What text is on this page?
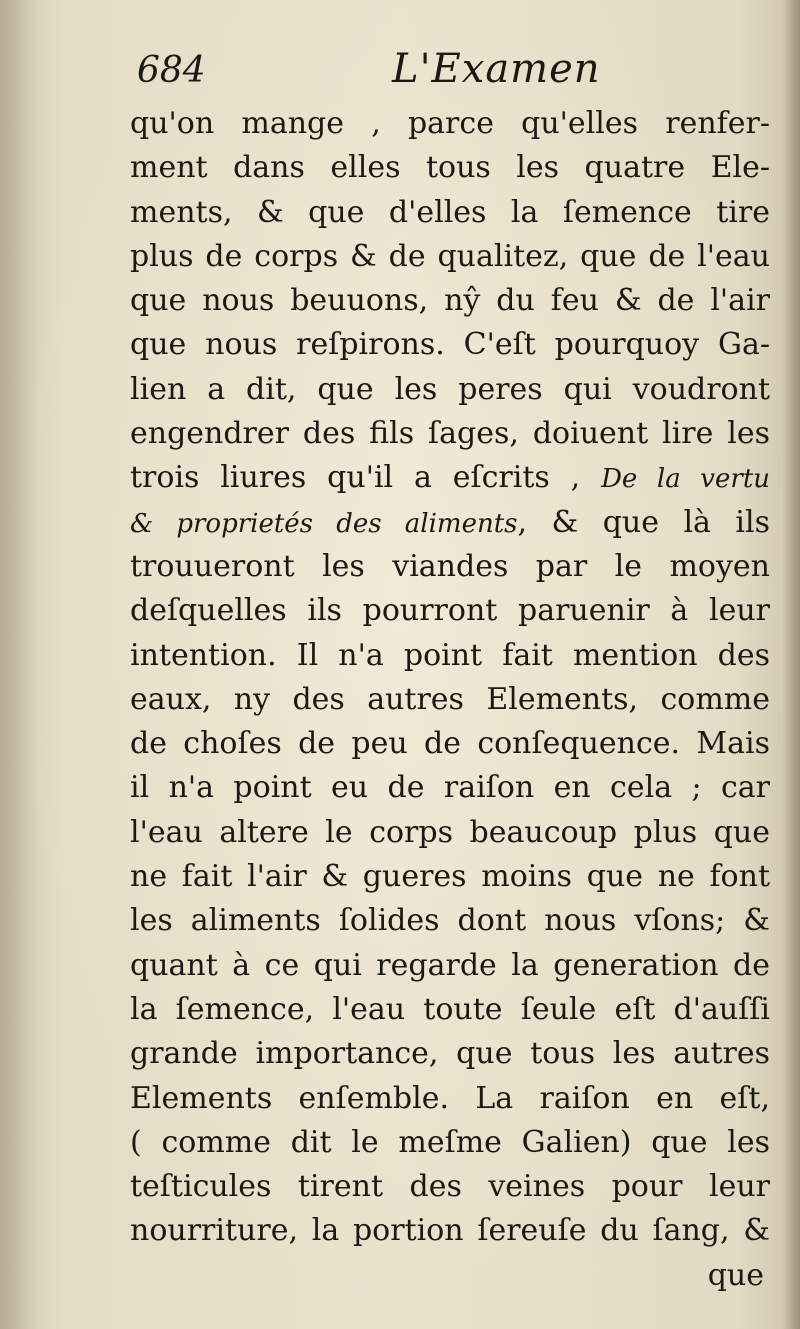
684	L'Examen
qu'on mange , parce qu'elles renfer-
ment dans elles tous les quatre Ele-
ments, & que d'elles la ſemence tire
plus de corps & de qualitez, que de l'eau
que nous beuuons, nŷ du feu & de l'air
que nous reſpirons. C'eſt pourquoy Ga-
lien a dit, que les peres qui voudront
engendrer des fils ſages, doiuent lire les
trois liures qu'il a eſcrits , De la vertu
& proprietés des aliments, & que là ils
trouueront les viandes par le moyen
deſquelles ils pourront paruenir à leur
intention. Il n'a point fait mention des
eaux, ny des autres Elements, comme
de choſes de peu de conſequence. Mais
il n'a point eu de raiſon en cela ; car
l'eau altere le corps beaucoup plus que
ne fait l'air & gueres moins que ne font
les aliments ſolides dont nous vſons; &
quant à ce qui regarde la generation de
la ſemence, l'eau toute ſeule eſt d'auſſi
grande importance, que tous les autres
Elements enſemble. La raiſon en eſt,
( comme dit le meſme Galien) que les
teſticules tirent des veines pour leur
nourriture, la portion ſereuſe du ſang, &
que
